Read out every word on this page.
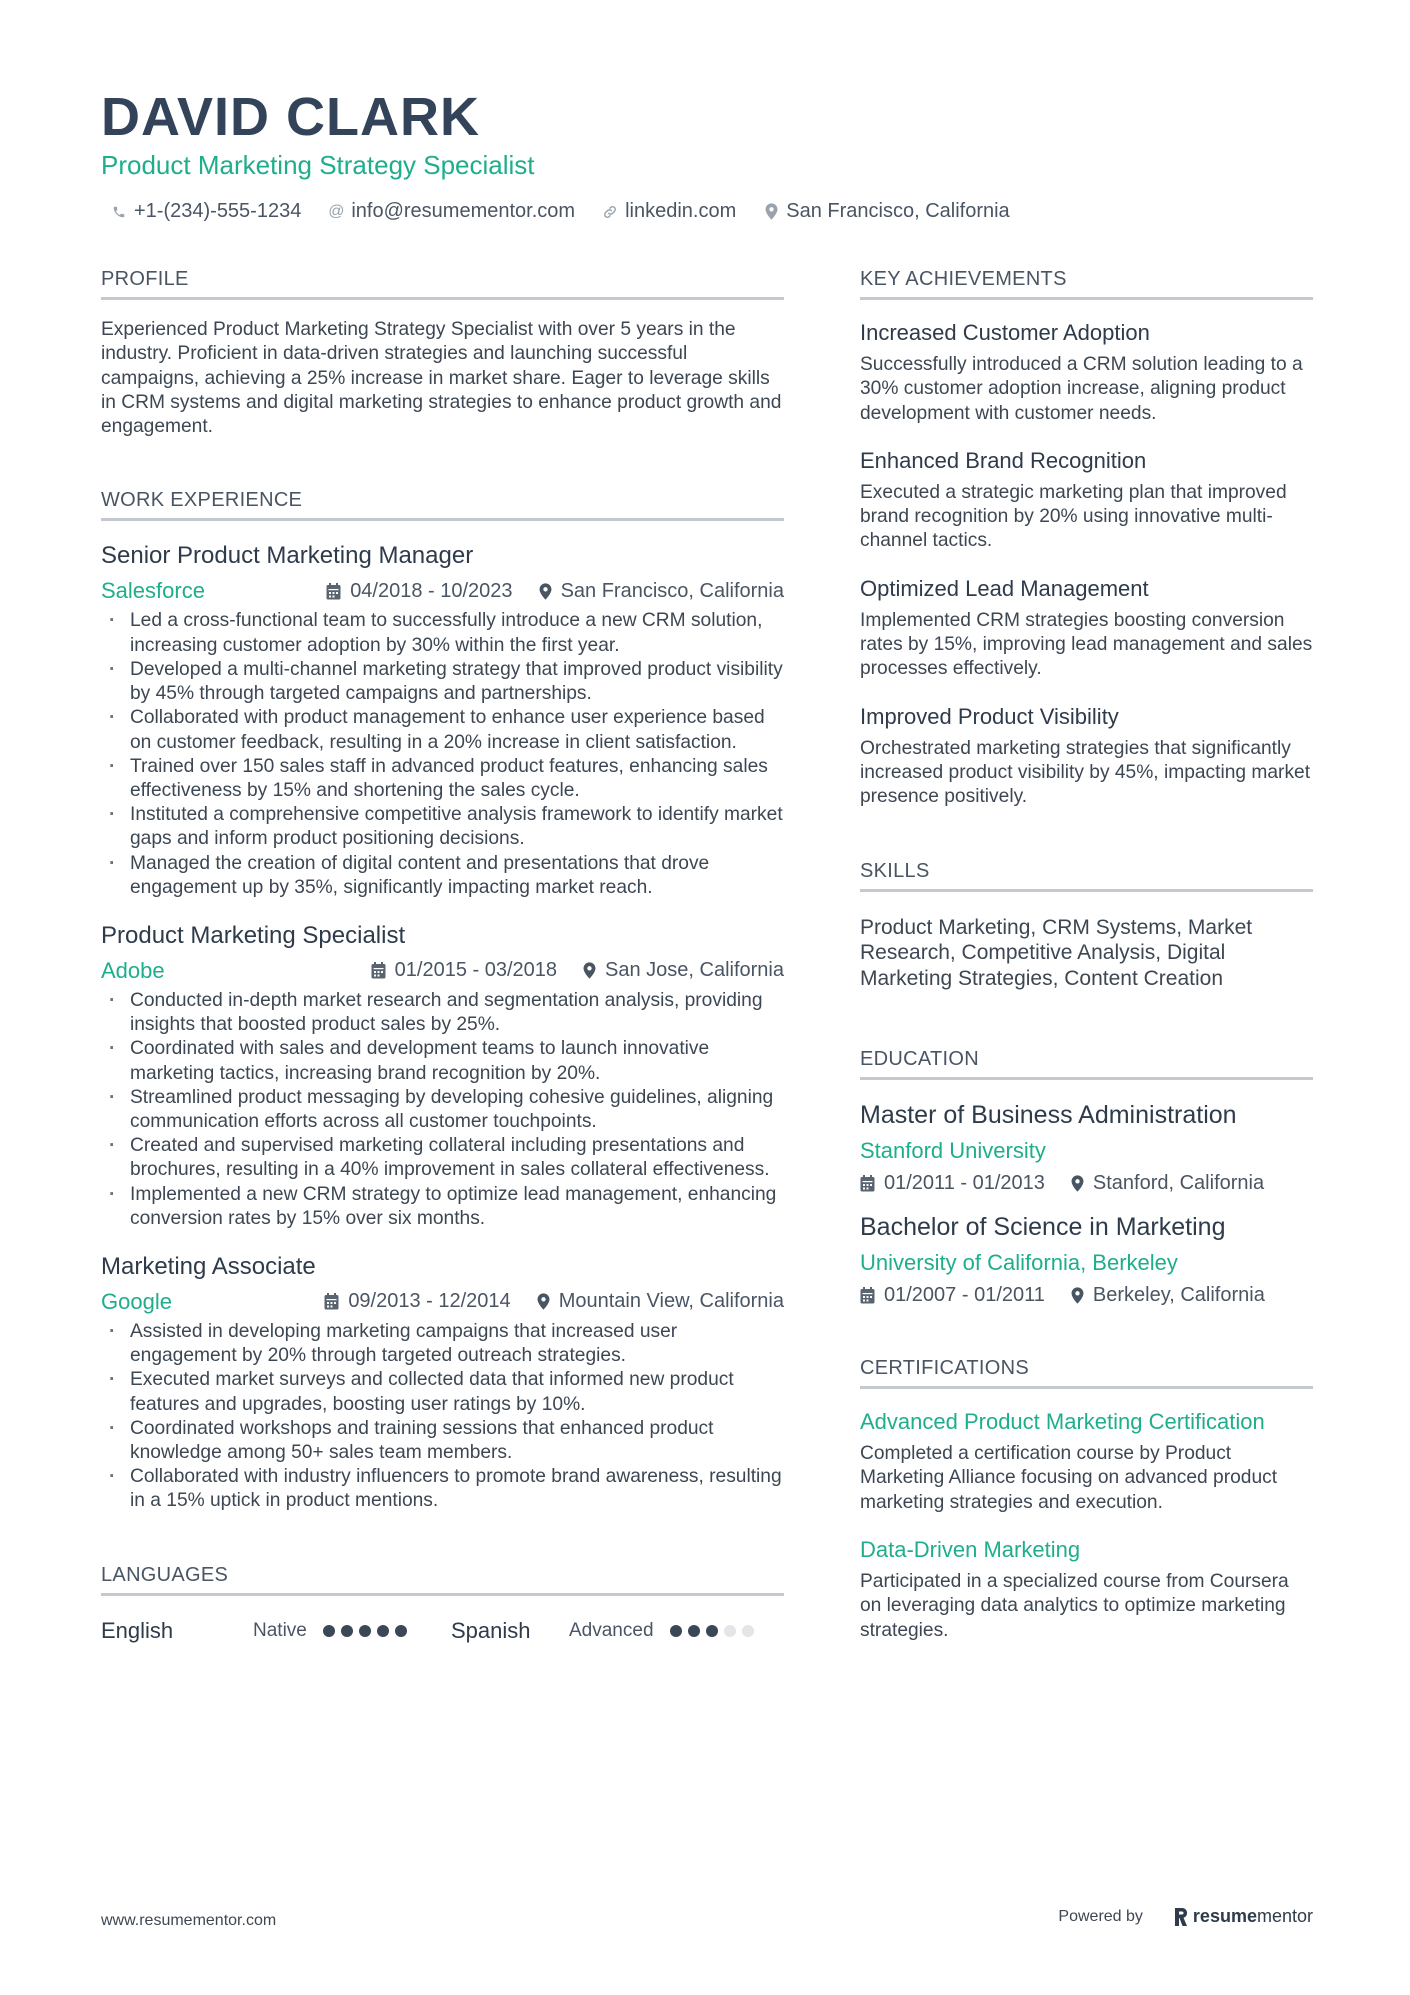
DAVID CLARK
Product Marketing Strategy Specialist
+1-(234)-555-1234 @ info@resumementor.com	linkedin.com	San Francisco, California
PROFILE

Experienced Product Marketing Strategy Specialist with over 5 years in the industry. Proficient in data-driven strategies and launching successful campaigns, achieving a 25% increase in market share. Eager to leverage skills in CRM systems and digital marketing strategies to enhance product growth and engagement.

WORK EXPERIENCE
Senior Product Marketing Manager
Salesforce	04/2018 - 10/2023 San Francisco, California
· Led a cross-functional team to successfully introduce a new CRM solution, increasing customer adoption by 30% within the first year.
· Developed a multi-channel marketing strategy that improved product visibility by 45% through targeted campaigns and partnerships.
· Collaborated with product management to enhance user experience based on customer feedback, resulting in a 20% increase in client satisfaction.
· Trained over 150 sales staff in advanced product features, enhancing sales effectiveness by 15% and shortening the sales cycle.
· Instituted a comprehensive competitive analysis framework to identify market gaps and inform product positioning decisions.
· Managed the creation of digital content and presentations that drove engagement up by 35%, significantly impacting market reach.
Product Marketing Specialist
Adobe	01/2015 - 03/2018 San Jose, California
· Conducted in-depth market research and segmentation analysis, providing insights that boosted product sales by 25%.
· Coordinated with sales and development teams to launch innovative marketing tactics, increasing brand recognition by 20%.
· Streamlined product messaging by developing cohesive guidelines, aligning communication efforts across all customer touchpoints.
· Created and supervised marketing collateral including presentations and brochures, resulting in a 40% improvement in sales collateral effectiveness.
· Implemented a new CRM strategy to optimize lead management, enhancing conversion rates by 15% over six months.
Marketing Associate
Google	09/2013 - 12/2014 Mountain View, California
· Assisted in developing marketing campaigns that increased user engagement by 20% through targeted outreach strategies.
· Executed market surveys and collected data that informed new product features and upgrades, boosting user ratings by 10%.
· Coordinated workshops and training sessions that enhanced product knowledge among 50+ sales team members.
· Collaborated with industry influencers to promote brand awareness, resulting in a 15% uptick in product mentions.
LANGUAGES
English	Native	Spanish	Advanced
KEY ACHIEVEMENTS
Increased Customer Adoption

Successfully introduced a CRM solution leading to a 30% customer adoption increase, aligning product development with customer needs.

Enhanced Brand Recognition

Executed a strategic marketing plan that improved brand recognition by 20% using innovative multi-channel tactics.

Optimized Lead Management

Implemented CRM strategies boosting conversion rates by 15%, improving lead management and sales processes effectively.

Improved Product Visibility

Orchestrated marketing strategies that significantly increased product visibility by 45%, impacting market presence positively.

SKILLS

Product Marketing, CRM Systems, Market Research, Competitive Analysis, Digital Marketing Strategies, Content Creation

EDUCATION
Master of Business Administration
Stanford University
01/2011 - 01/2013 Stanford, California
Bachelor of Science in Marketing
University of California, Berkeley
01/2007 - 01/2011 Berkeley, California
CERTIFICATIONS
Advanced Product Marketing Certification

Completed a certification course by Product Marketing Alliance focusing on advanced product marketing strategies and execution.

Data-Driven Marketing

Participated in a specialized course from Coursera on leveraging data analytics to optimize marketing strategies.

www.resumementor.com	Powered by	resume mentor
